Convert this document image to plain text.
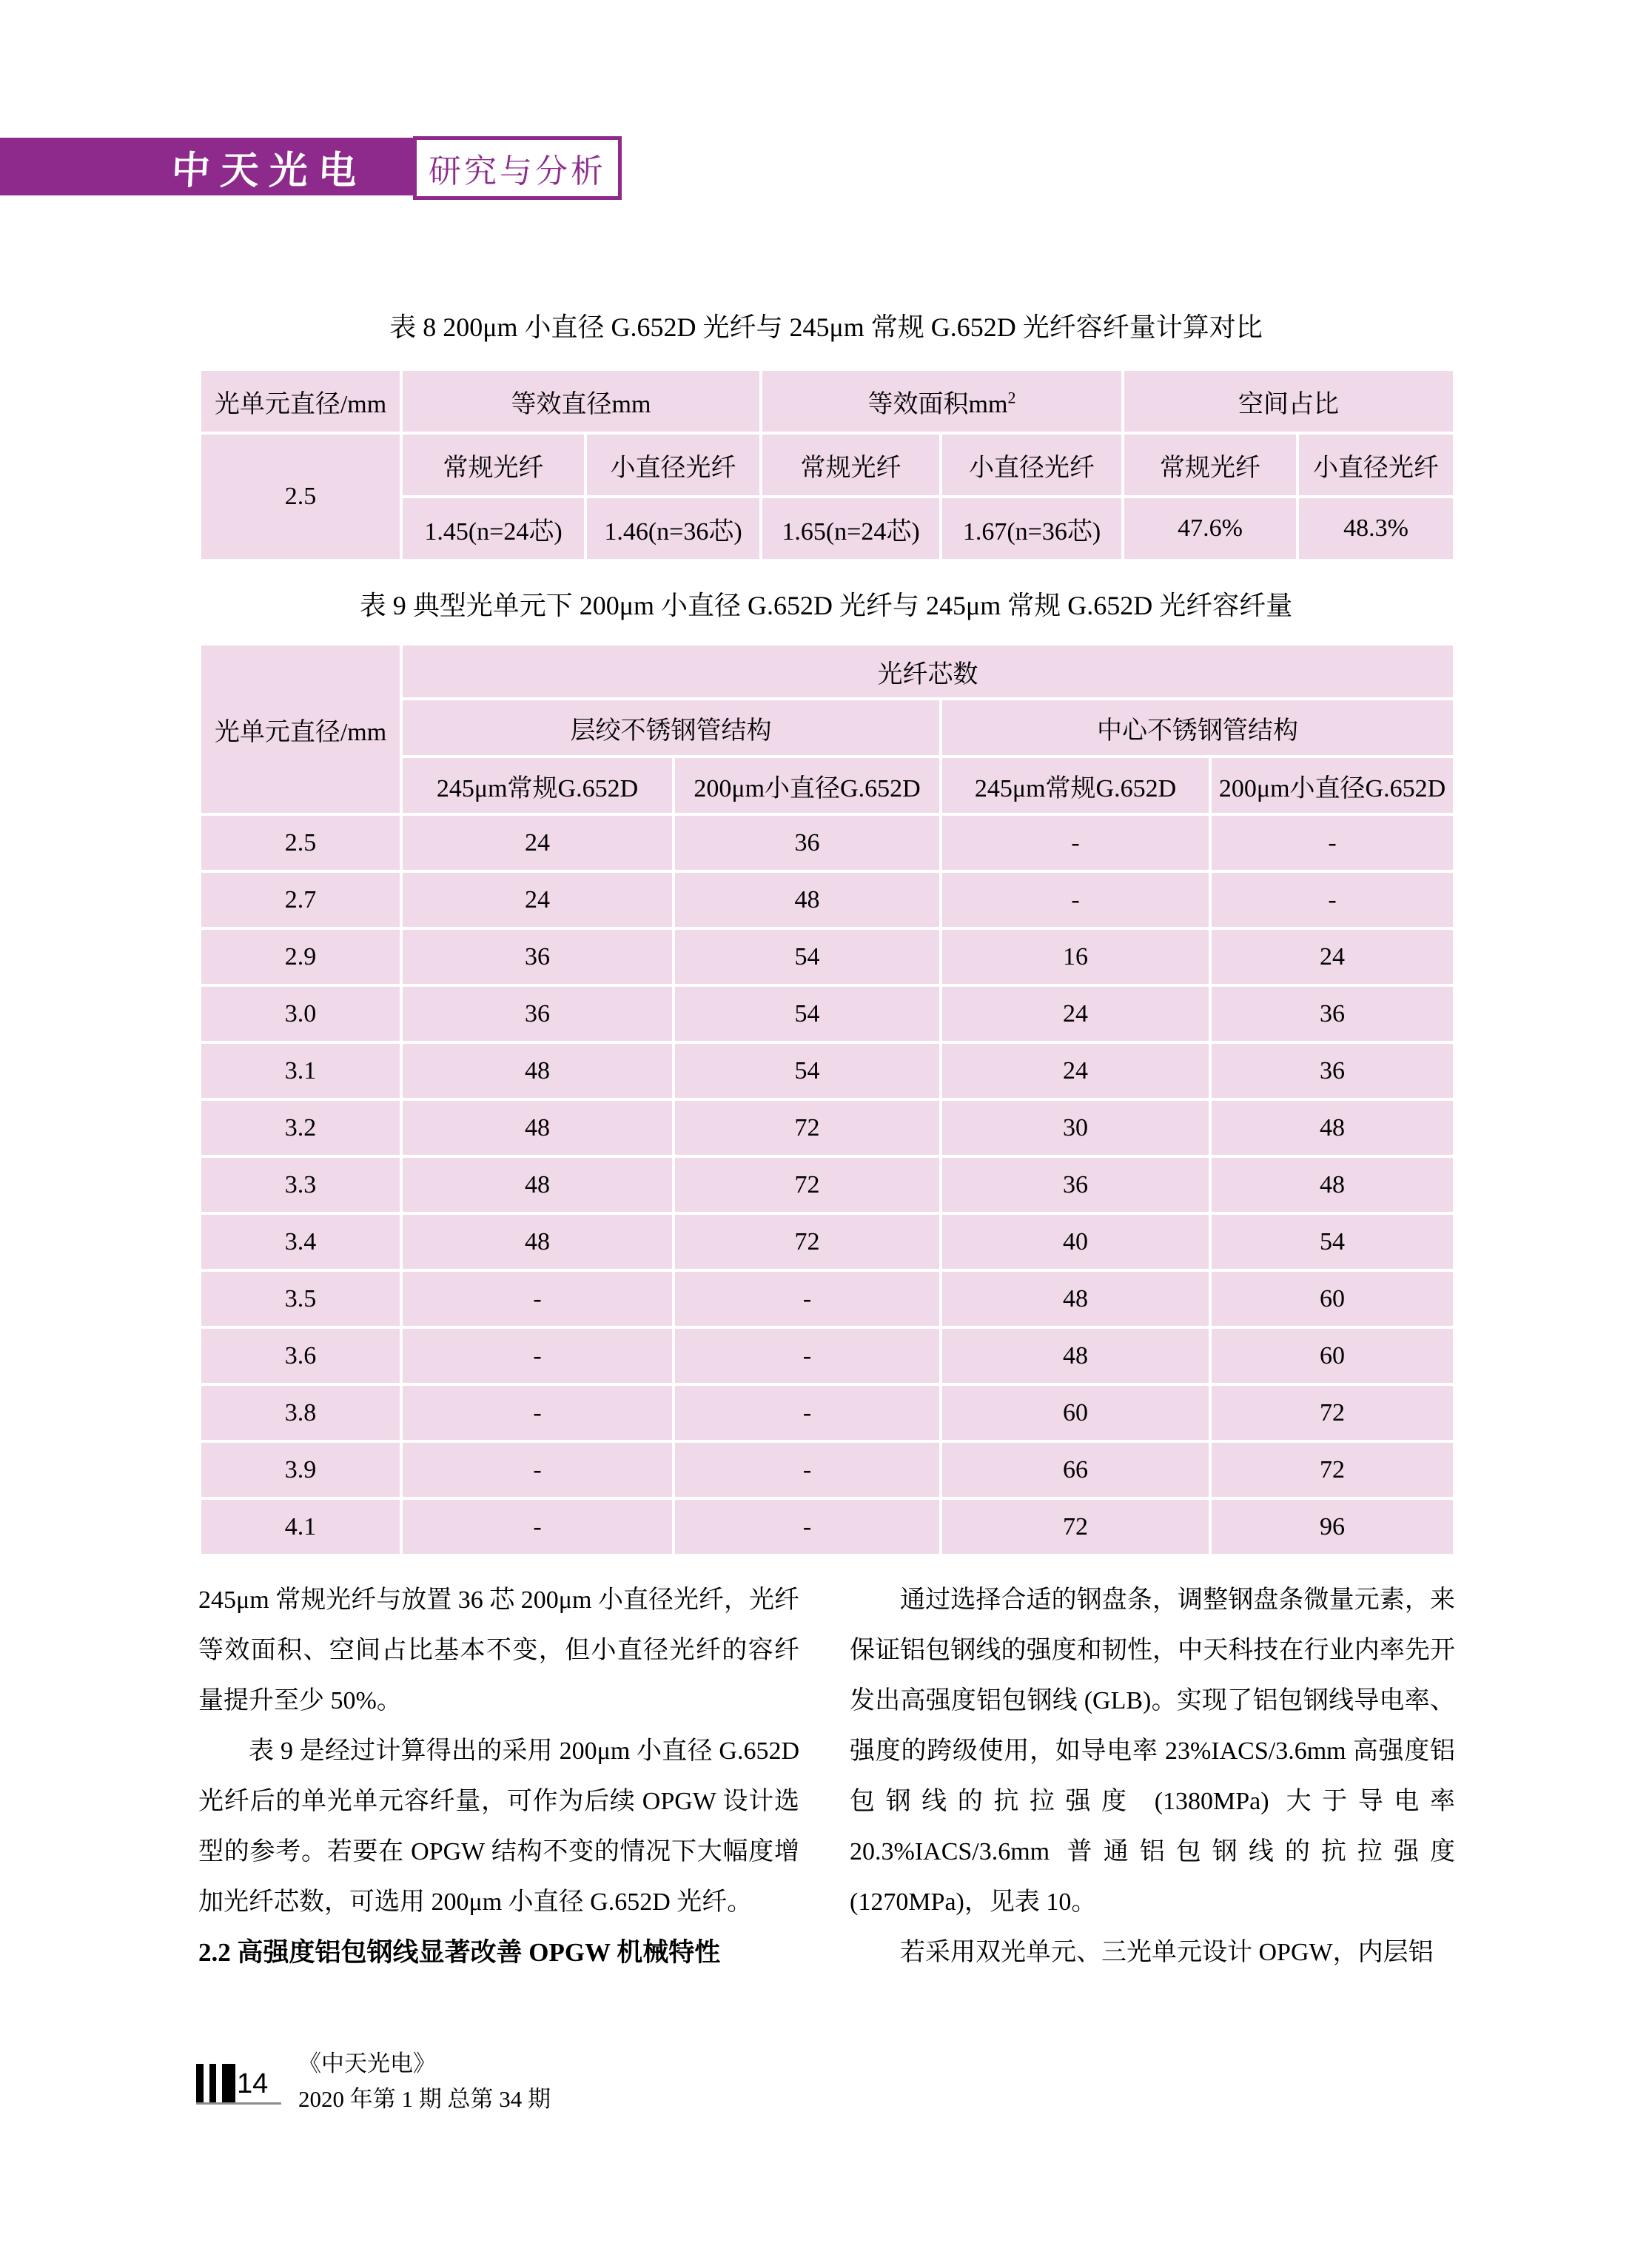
中天光电 研究与分析
表 8 200μm 小直径 G.652D 光纤与 245μm 常规 G.652D 光纤容纤量计算对比
光单元直径/mm	等效直径mm		等效面积$mm^2$		空间占比	
2.5	常规光纤	小直径光纤	常规光纤	小直径光纤	常规光纤	小直径光纤
	1.45(n=24芯)	1.46(n=36芯)	1.65(n=24芯)	1.67(n=36芯)	47.6%	48.3%
表 9 典型光单元下 200μm 小直径 G.652D 光纤与 245μm 常规 G.652D 光纤容纤量
光单元直径/mm	光纤芯数			
	层绞不锈钢管结构		中心不锈钢管结构	
	245μm常规G.652D	200μm小直径G.652D	245μm常规G.652D	200μm小直径G.652D
2.5	24	36	-	-
2.7	24	48	-	-
2.9	36	54	16	24
3.0	36	54	24	36
3.1	48	54	24	36
3.2	48	72	30	48
3.3	48	72	36	48
3.4	48	72	40	54
3.5	-	-	48	60
3.6	-	-	48	60
3.8	-	-	60	72
3.9	-	-	66	72
4.1	-	-	72	96

245μm 常规光纤与放置 36 芯 200μm 小直径光纤，光纤等效面积、空间占比基本不变，但小直径光纤的容纤量提升至少 50%。

表 9 是经过计算得出的采用 200μm 小直径 G.652D 光纤后的单光单元容纤量，可作为后续 OPGW 设计选型的参考。若要在 OPGW 结构不变的情况下大幅度增加光纤芯数，可选用 200μm 小直径 G.652D 光纤。

2.2 高强度铝包钢线显著改善 OPGW 机械特性

通过选择合适的钢盘条，调整钢盘条微量元素，来保证铝包钢线的强度和韧性，中天科技在行业内率先开发出高强度铝包钢线 (GLB)。实现了铝包钢线导电率、强度的跨级使用，如导电率 23%IACS/3.6mm 高强度铝包钢线的抗拉强度 (1380MPa) 大于导电率 20.3%IACS/3.6mm 普通铝包钢线的抗拉强度 (1270MPa)，见表 10。

若采用双光单元、三光单元设计 OPGW，内层铝

14
《中天光电》
2020 年第 1 期 总第 34 期
